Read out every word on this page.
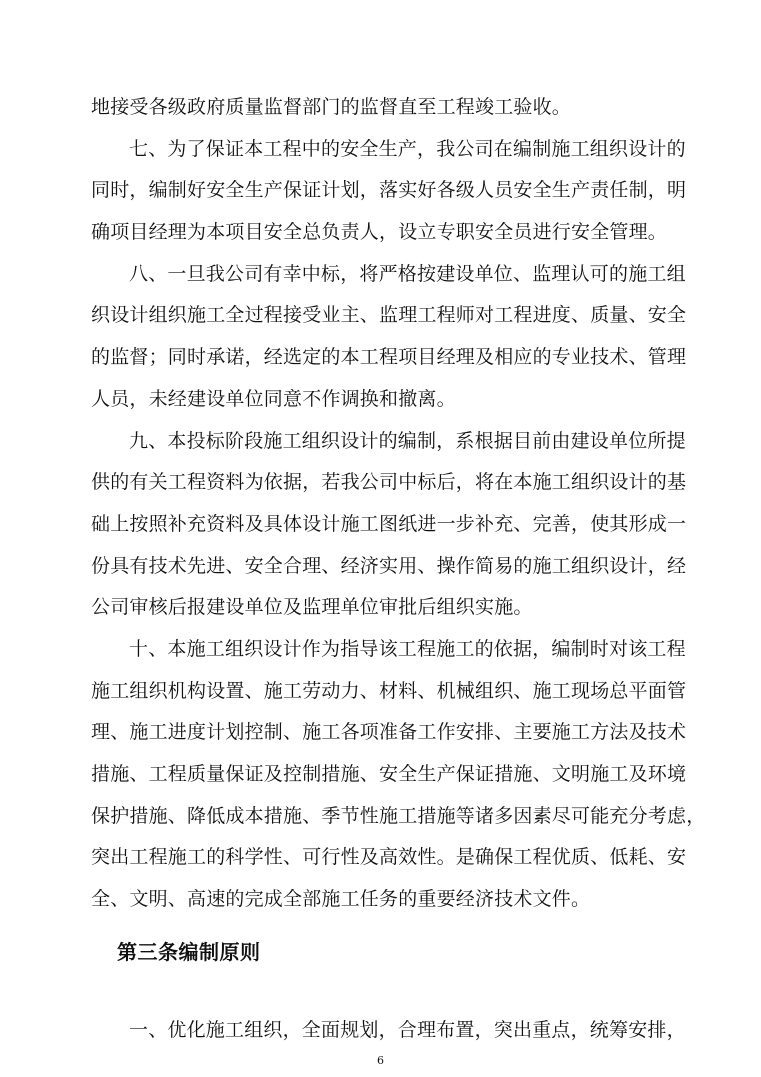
地接受各级政府质量监督部门的监督直至工程竣工验收。
七、为了保证本工程中的安全生产，我公司在编制施工组织设计的
同时，编制好安全生产保证计划，落实好各级人员安全生产责任制，明
确项目经理为本项目安全总负责人，设立专职安全员进行安全管理。
八、一旦我公司有幸中标，将严格按建设单位、监理认可的施工组
织设计组织施工全过程接受业主、监理工程师对工程进度、质量、安全
的监督；同时承诺，经选定的本工程项目经理及相应的专业技术、管理
人员，未经建设单位同意不作调换和撤离。
九、本投标阶段施工组织设计的编制，系根据目前由建设单位所提
供的有关工程资料为依据，若我公司中标后，将在本施工组织设计的基
础上按照补充资料及具体设计施工图纸进一步补充、完善，使其形成一
份具有技术先进、安全合理、经济实用、操作简易的施工组织设计，经
公司审核后报建设单位及监理单位审批后组织实施。
十、本施工组织设计作为指导该工程施工的依据，编制时对该工程
施工组织机构设置、施工劳动力、材料、机械组织、施工现场总平面管
理、施工进度计划控制、施工各项准备工作安排、主要施工方法及技术
措施、工程质量保证及控制措施、安全生产保证措施、文明施工及环境
保护措施、降低成本措施、季节性施工措施等诸多因素尽可能充分考虑，
突出工程施工的科学性、可行性及高效性。是确保工程优质、低耗、安
全、文明、高速的完成全部施工任务的重要经济技术文件。
第三条编制原则
一、优化施工组织，全面规划，合理布置，突出重点，统筹安排，
6
